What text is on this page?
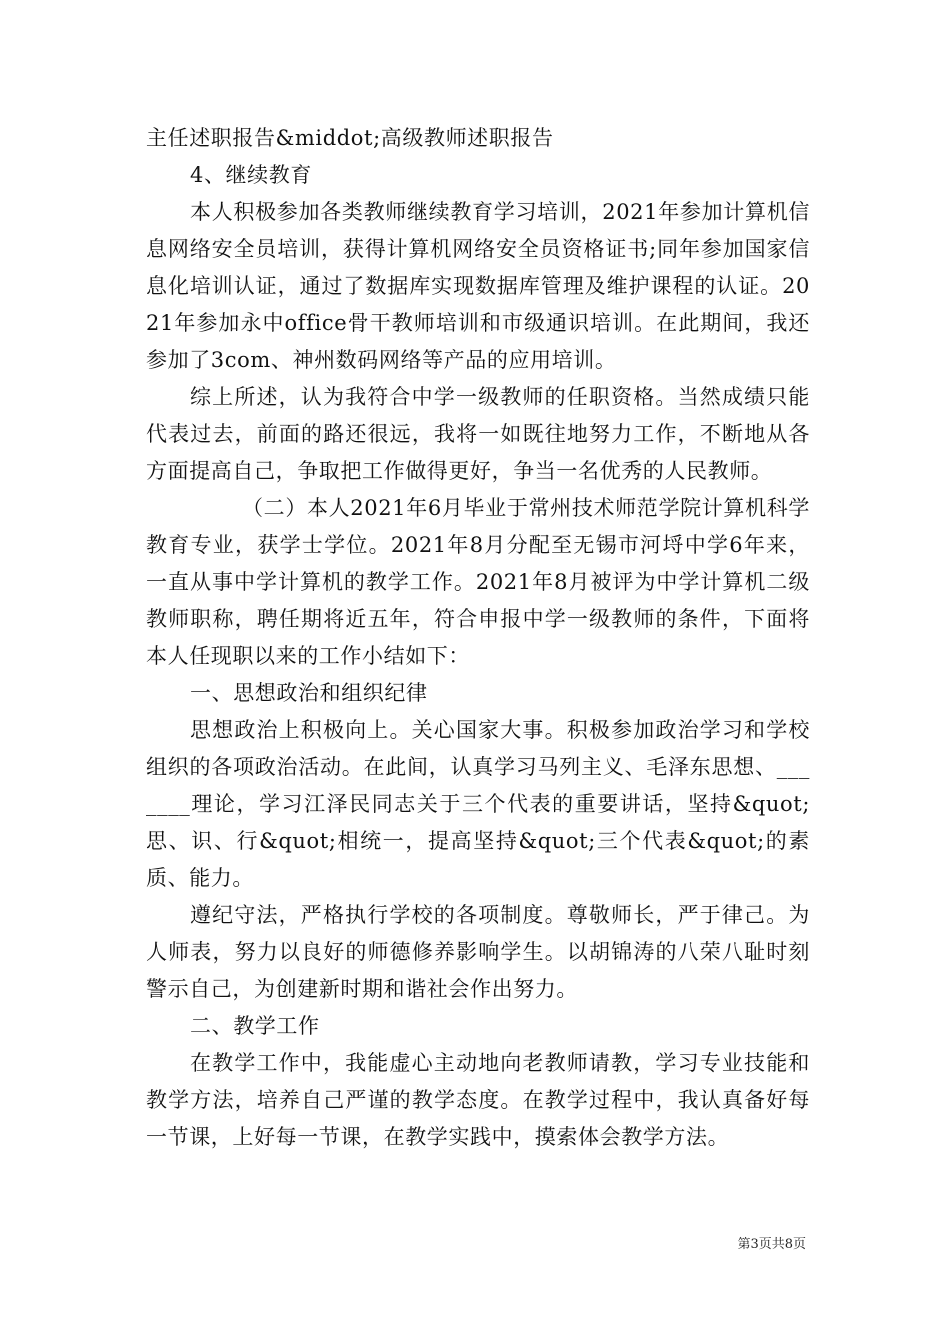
主任述职报告&middot;高级教师述职报告

4、继续教育

本人积极参加各类教师继续教育学习培训，2021年参加计算机信息网络安全员培训，获得计算机网络安全员资格证书;同年参加国家信息化培训认证，通过了数据库实现数据库管理及维护课程的认证。2021年参加永中office骨干教师培训和市级通识培训。在此期间，我还参加了3com、神州数码网络等产品的应用培训。

综上所述，认为我符合中学一级教师的任职资格。当然成绩只能代表过去，前面的路还很远，我将一如既往地努力工作，不断地从各方面提高自己，争取把工作做得更好，争当一名优秀的人民教师。

（二）本人2021年6月毕业于常州技术师范学院计算机科学教育专业，获学士学位。2021年8月分配至无锡市河埒中学6年来，一直从事中学计算机的教学工作。2021年8月被评为中学计算机二级教师职称，聘任期将近五年，符合申报中学一级教师的条件，下面将本人任现职以来的工作小结如下：

一、思想政治和组织纪律

思想政治上积极向上。关心国家大事。积极参加政治学习和学校组织的各项政治活动。在此间，认真学习马列主义、毛泽东思想、_______理论，学习江泽民同志关于三个代表的重要讲话，坚持&quot;思、识、行&quot;相统一，提高坚持&quot;三个代表&quot;的素质、能力。

遵纪守法，严格执行学校的各项制度。尊敬师长，严于律己。为人师表，努力以良好的师德修养影响学生。以胡锦涛的八荣八耻时刻警示自己，为创建新时期和谐社会作出努力。

二、教学工作

在教学工作中，我能虚心主动地向老教师请教，学习专业技能和教学方法，培养自己严谨的教学态度。在教学过程中，我认真备好每一节课，上好每一节课，在教学实践中，摸索体会教学方法。

第3页共8页
